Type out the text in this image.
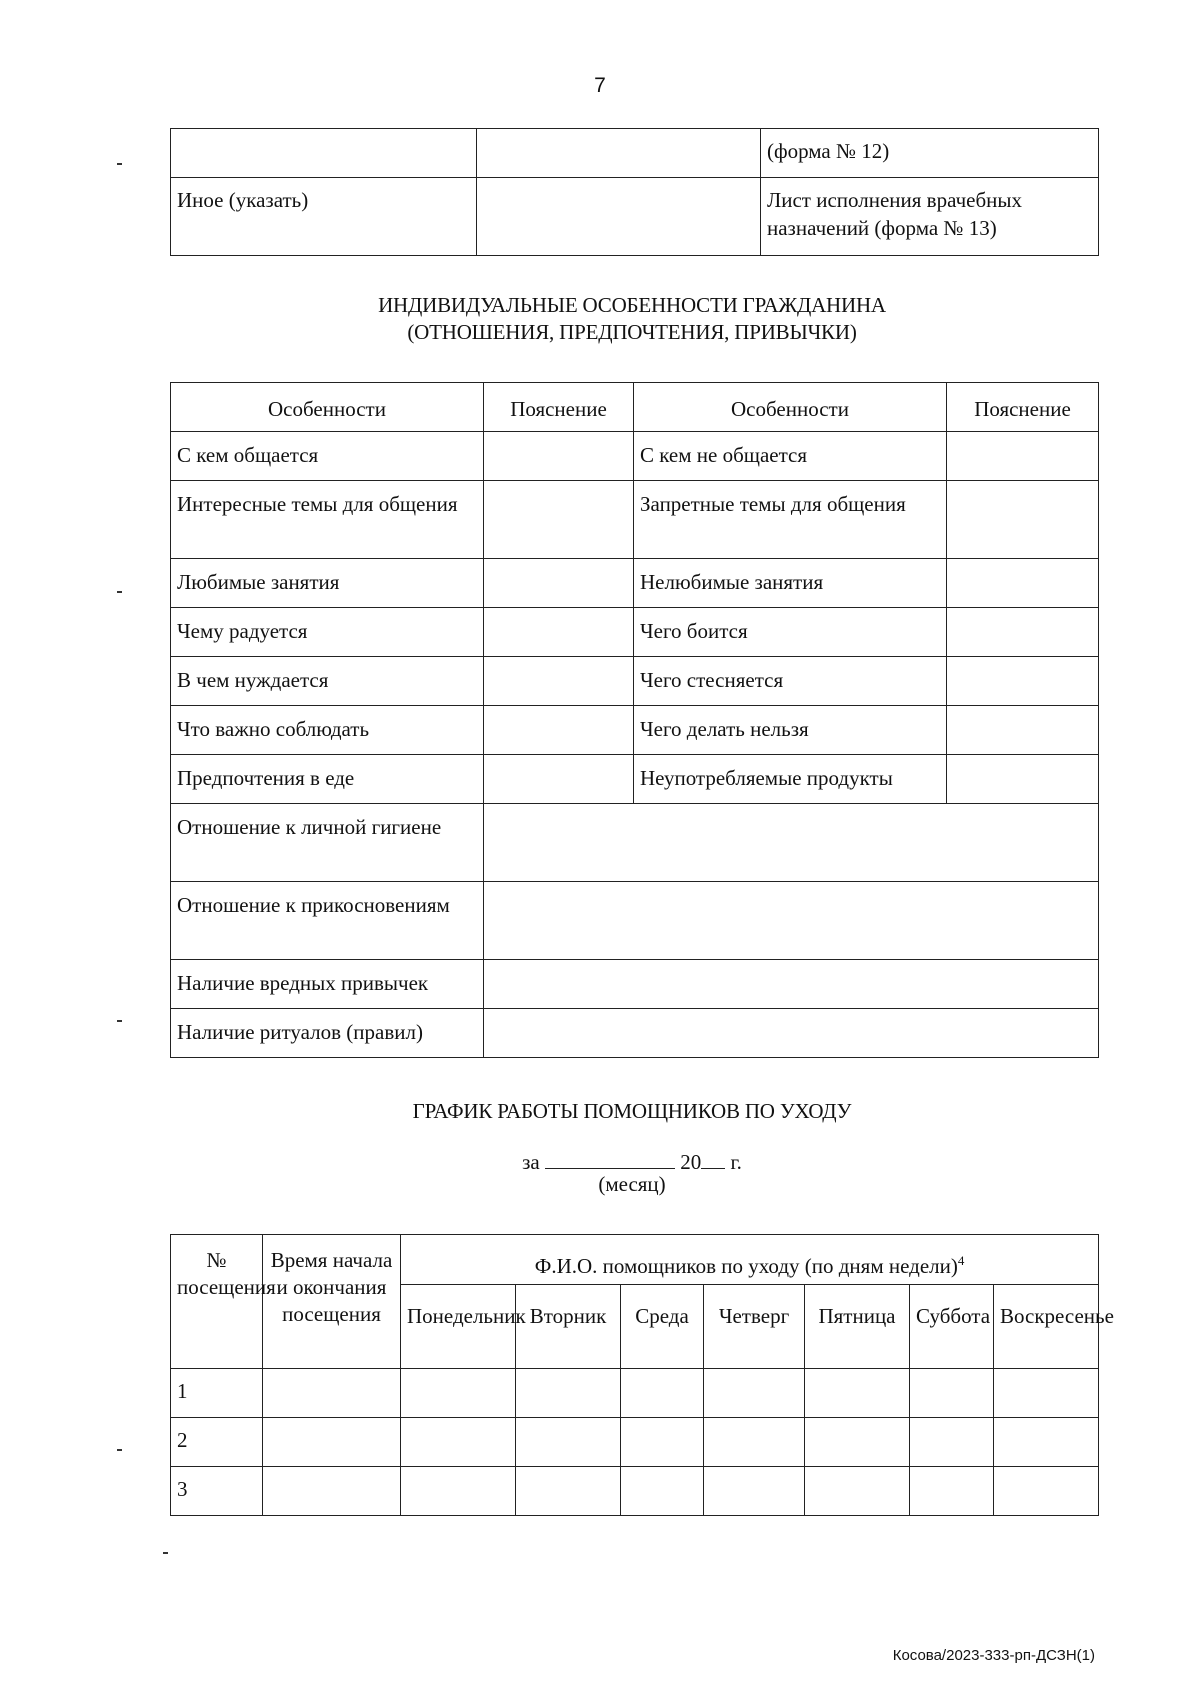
7
		(форма № 12)
Иное (указать)		Лист исполнения врачебных назначений (форма № 13)
ИНДИВИДУАЛЬНЫЕ ОСОБЕННОСТИ ГРАЖДАНИНА
(ОТНОШЕНИЯ, ПРЕДПОЧТЕНИЯ, ПРИВЫЧКИ)
Особенности	Пояснение	Особенности	Пояснение
С кем общается		С кем не общается	
Интересные темы для общения		Запретные темы для общения	
Любимые занятия		Нелюбимые занятия	
Чему радуется		Чего боится	
В чем нуждается		Чего стесняется	
Что важно соблюдать		Чего делать нельзя	
Предпочтения в еде		Неупотребляемые продукты	
Отношение к личной гигиене			
Отношение к прикосновениям			
Наличие вредных привычек			
Наличие ритуалов (правил)			
ГРАФИК РАБОТЫ ПОМОЩНИКОВ ПО УХОДУ
за	20 г.
(месяц)
№ посещения	Время начала и окончания посещения	Ф.И.О. помощников по уходу (по дням недели)$^4$
		Понедельник	Вторник	Среда	Четверг	Пятница	Суббота	Воскресенье
1								
2								
3								
Косова/2023-333-рп-ДСЗН(1)
